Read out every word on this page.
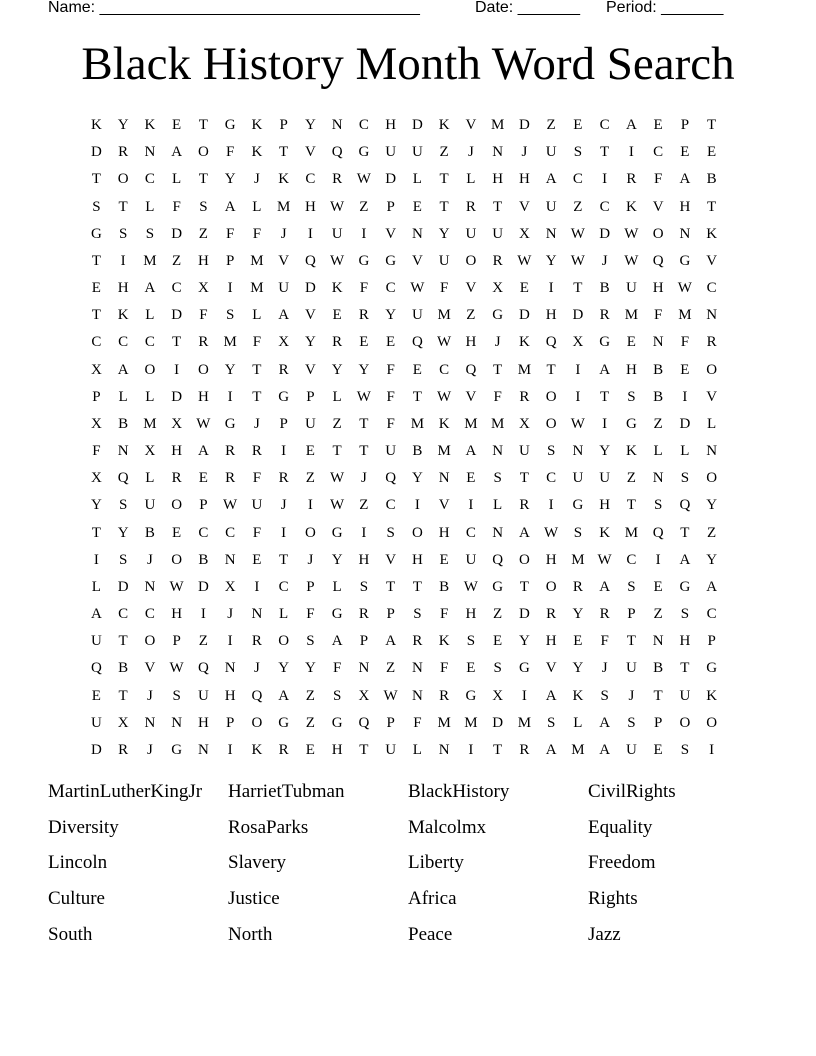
Name: ____________________________________

	Date: _______

Period: _______

Black History Month Word Search
K	Y	K	E	T	G	K	P	Y	N	C	H	D	K	V M D	Z	E	C	A	E	P	T
D	R	N	A	O	F	K	T	V	Q	G	U	U	Z	J	N	J	U	S	T	I	C	E	E
T	O	C	L	T	Y	J	K	C	R W D	L	T	L	H	H	A	C	I	R	F	A	B
S	T	L	F	S	A	L	M H W	Z	P	E	T	R	T	V	U	Z	C	K	V	H	T
G	S	S	D	Z	F	F	J	I	U	I	V	N	Y	U	U	X	N W D W O	N	K
T	I	M	Z	H	P	M V	Q W G	G	V	U	O	R W Y W	J	W Q	G	V
E	H	A	C	X	I	M U	D	K	F	C W	F	V	X	E	I	T	B	U	H W C
T	K	L	D	F	S	L	A	V	E	R	Y	U M	Z	G	D	H	D	R	M	F	M N
C	C	C	T	R	M	F	X	Y	R	E	E	Q W H	J	K	Q	X	G	E	N	F	R
X	A	O	I	O	Y	T	R	V	Y	Y	F	E	C	Q	T	M	T	I	A	H	B	E	O
P	L	L	D	H	I	T	G	P	L	W	F	T	W V	F	R	O	I	T	S	B	I	V
X	B	M X W G	J	P	U	Z	T	F	M K M M X	O W	I	G	Z	D	L
F	N	X	H	A	R	R	I	E	T	T	U	B	M A	N	U	S	N	Y	K	L	L	N
X	Q	L	R	E	R	F	R	Z	W	J	Q	Y	N	E	S	T	C	U	U	Z	N	S	O
Y	S	U	O	P	W U	J	I	W	Z	C	I	V	I	L	R	I	G	H	T	S	Q	Y
T	Y	B	E	C	C	F	I	O	G	I	S	O	H	C	N	A W	S	K M Q	T	Z
I	S	J	O	B	N	E	T	J	Y	H	V	H	E	U	Q	O	H M W C	I	A	Y
L	D	N W D	X	I	C	P	L	S	T	T	B W G	T	O	R	A	S	E	G	A
A	C	C	H	I	J	N	L	F	G	R	P	S	F	H	Z	D	R	Y	R	P	Z	S	C
U	T	O	P	Z	I	R	O	S	A	P	A	R	K	S	E	Y	H	E	F	T	N	H	P
Q	B	V W Q	N	J	Y	Y	F	N	Z	N	F	E	S	G	V	Y	J	U	B	T	G
E	T	J	S	U	H	Q	A	Z	S	X W N	R	G	X	I	A	K	S	J	T	U	K
U	X	N	N	H	P	O	G	Z	G	Q	P	F	M M D M	S	L	A	S	P	O	O
D	R	J	G	N	I	K	R	E	H	T	U	L	N	I	T	R	A M A	U	E	S	I
MartinLutherKingJr HarrietTubman	BlackHistory	CivilRights
Diversity	RosaParks	Malcolmx	Equality
Lincoln	Slavery	Liberty	Freedom
Culture	Justice	Africa	Rights
South	North	Peace	Jazz
